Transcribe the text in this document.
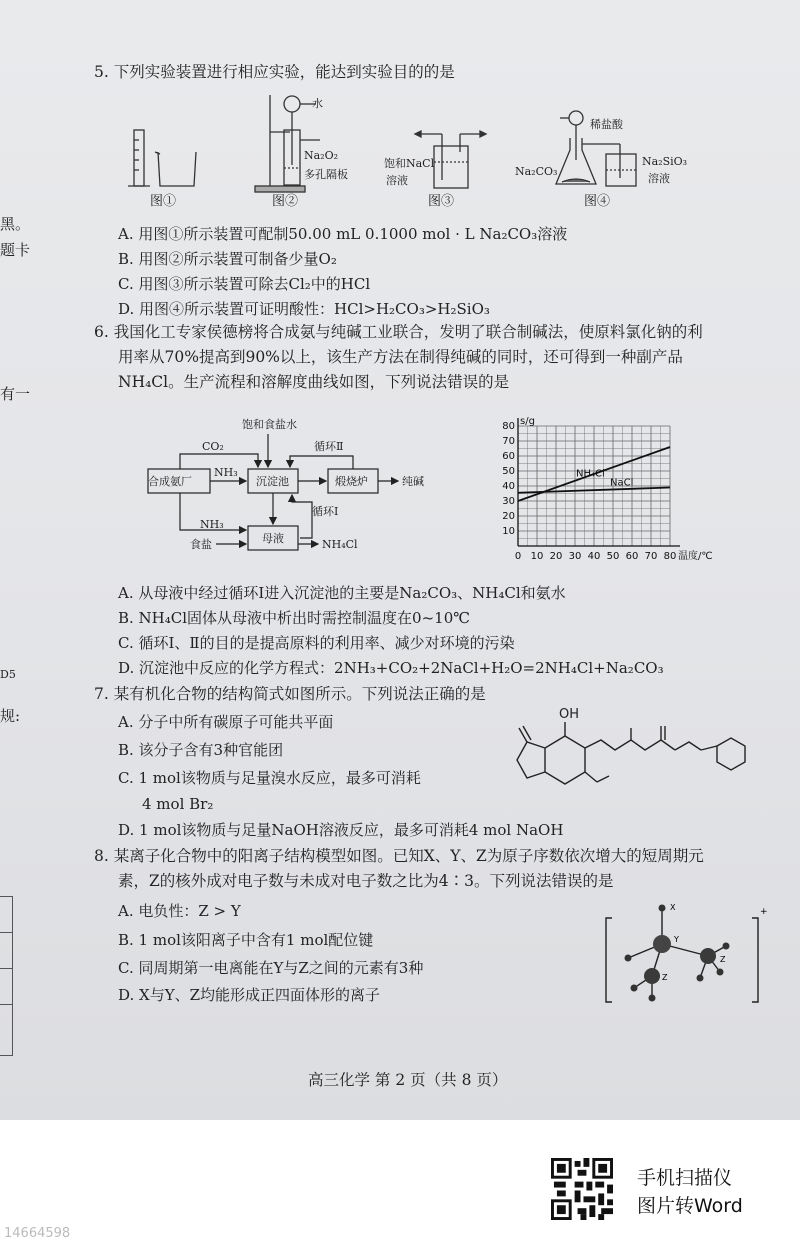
黑。
题卡
有一
D5
规:
5. 下列实验装置进行相应实验，能达到实验目的的是
水
Na₂O₂
多孔隔板
饱和NaCl
溶液
稀盐酸
Na₂CO₃
Na₂SiO₃
溶液
图①	图②	图③	图④
A. 用图①所示装置可配制50.00 mL 0.1000 mol · L Na₂CO₃溶液
B. 用图②所示装置可制备少量O₂
C. 用图③所示装置可除去Cl₂中的HCl
D. 用图④所示装置可证明酸性：HCl>H₂CO₃>H₂SiO₃
6. 我国化工专家侯德榜将合成氨与纯碱工业联合，发明了联合制碱法，使原料氯化钠的利
用率从70%提高到90%以上，该生产方法在制得纯碱的同时，还可得到一种副产品
NH₄Cl。生产流程和溶解度曲线如图，下列说法错误的是
饱和食盐水
CO₂	循环Ⅱ
合成氨厂	沉淀池	煅烧炉
母液
NH₃
纯碱
循环Ⅰ
NH₃
食盐	NH₄Cl
0 10 20 30 40 50 60 70 80
10
20
30
40
50
60
70
80 s/g
温度/℃
NH₄Cl
NaCl
A. 从母液中经过循环Ⅰ进入沉淀池的主要是Na₂CO₃、NH₄Cl和氨水
B. NH₄Cl固体从母液中析出时需控制温度在0~10℃
C. 循环Ⅰ、Ⅱ的目的是提高原料的利用率、减少对环境的污染
D. 沉淀池中反应的化学方程式：2NH₃+CO₂+2NaCl+H₂O=2NH₄Cl+Na₂CO₃
7. 某有机化合物的结构简式如图所示。下列说法正确的是
A. 分子中所有碳原子可能共平面
B. 该分子含有3种官能团
C. 1 mol该物质与足量溴水反应，最多可消耗
4 mol Br₂
D. 1 mol该物质与足量NaOH溶液反应，最多可消耗4 mol NaOH
OH
8. 某离子化合物中的阳离子结构模型如图。已知X、Y、Z为原子序数依次增大的短周期元
素，Z的核外成对电子数与未成对电子数之比为4∶3。下列说法错误的是
A. 电负性：Z > Y
B. 1 mol该阳离子中含有1 mol配位键
C. 同周期第一电离能在Y与Z之间的元素有3种
D. X与Y、Z均能形成正四面体形的离子
X
Y
Z
Z
+
高三化学 第 2 页（共 8 页）
手机扫描仪
图片转Word
14664598
